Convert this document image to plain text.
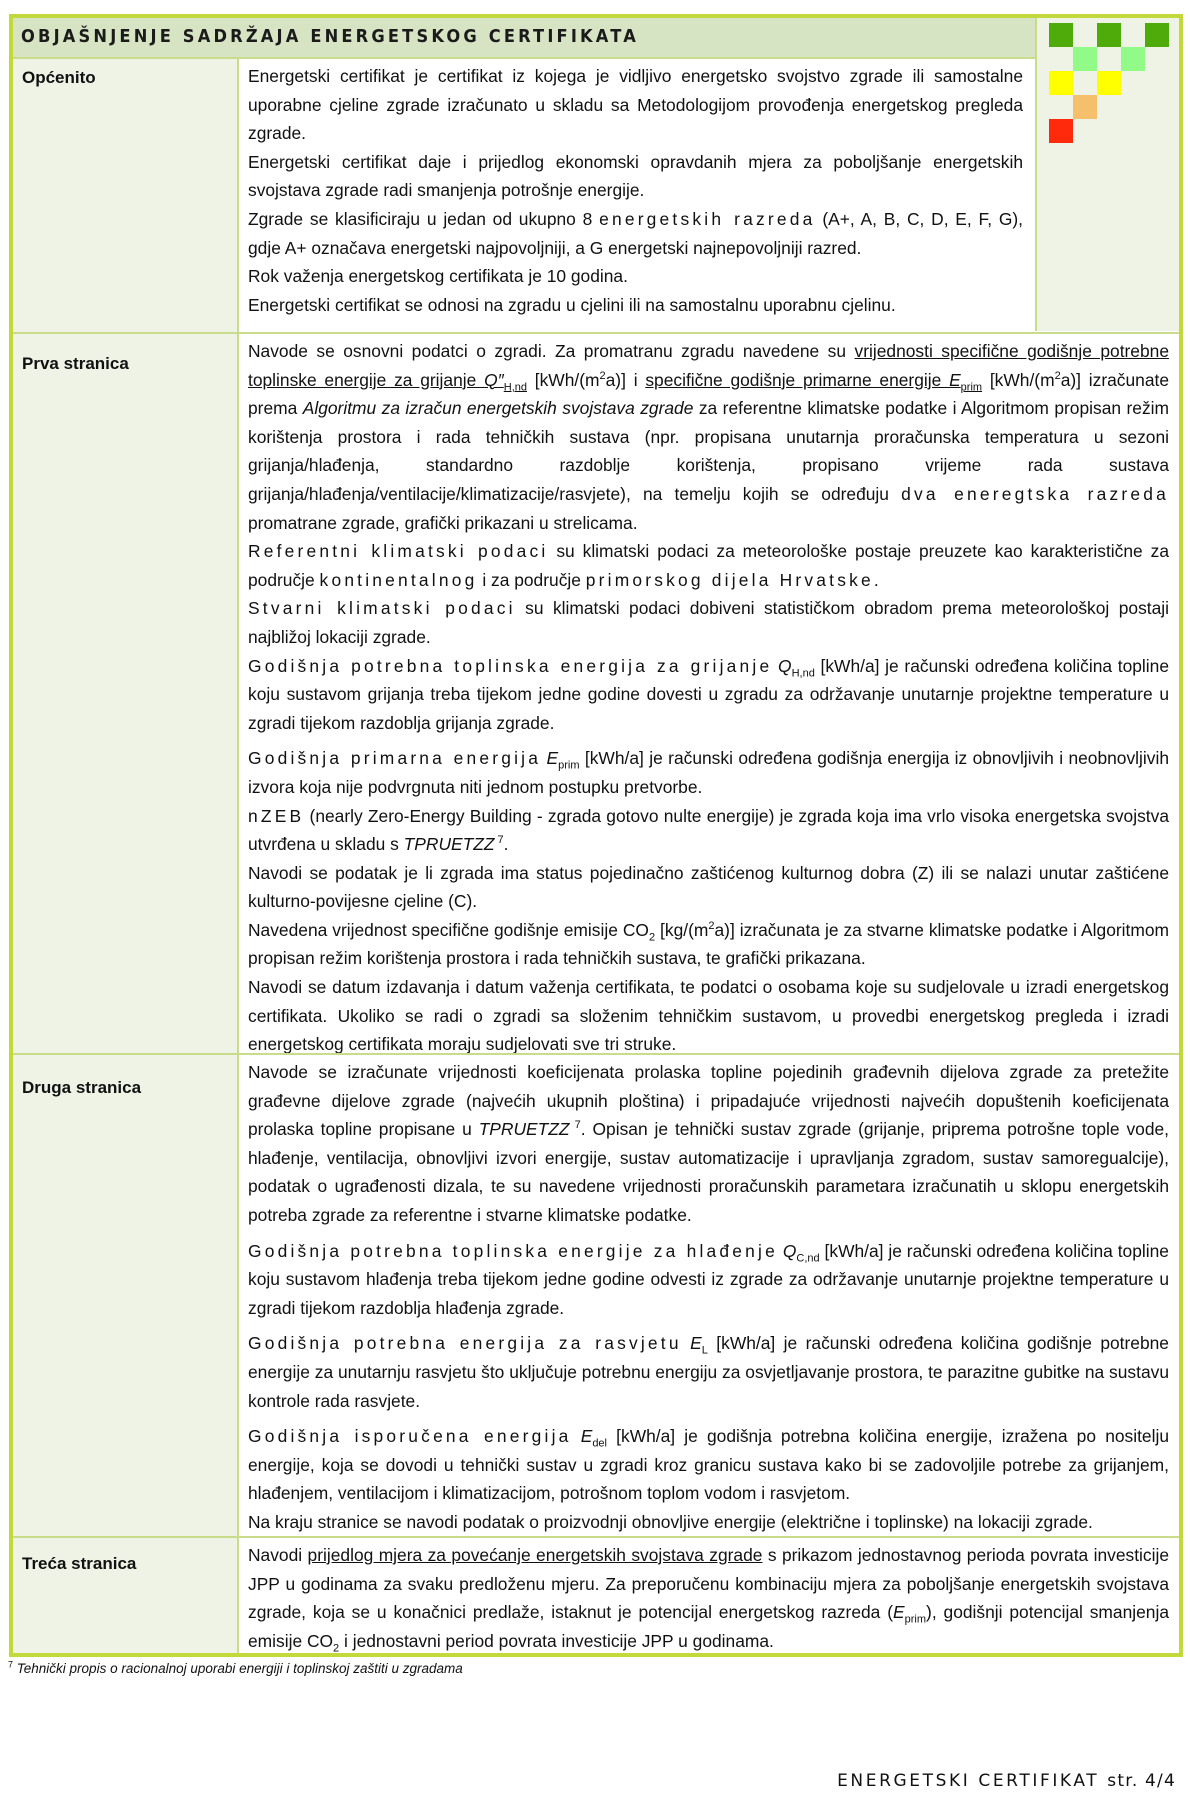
OBJAŠNJENJE SADRŽAJA ENERGETSKOG CERTIFIKATA
Općenito	Energetski certifikat je certifikat iz kojega je vidljivo energetsko svojstvo zgrade ili samostalne uporabne cjeline zgrade izračunato u skladu sa Metodologijom provođenja energetskog pregleda zgrade.

Energetski certifikat daje i prijedlog ekonomski opravdanih mjera za poboljšanje energetskih svojstava zgrade radi smanjenja potrošnje energije.

Zgrade se klasificiraju u jedan od ukupno 8 energetskih razreda (A+, A, B, C, D, E, F, G), gdje A+ označava energetski najpovoljniji, a G energetski najnepovoljniji razred.

Rok važenja energetskog certifikata je 10 godina.

Energetski certifikat se odnosi na zgradu u cjelini ili na samostalnu uporabnu cjelinu.

Prva stranica

Navode se osnovni podatci o zgradi. Za promatranu zgradu navedene su vrijednosti specifične godišnje potrebne toplinske energije za grijanje $Q''_{H,nd}$ $[kWh/(m^2a)]$ i specifične godišnje primarne energije $E_{prim}$ $[kWh/(m^2a)]$ izračunate prema Algoritmu za izračun energetskih svojstava zgrade za referentne klimatske podatke i Algoritmom propisan režim korištenja prostora i rada tehničkih sustava (npr. propisana unutarnja proračunska temperatura u sezoni grijanja/hlađenja, standardno razdoblje korištenja, propisano vrijeme rada sustava grijanja/hlađenja/ventilacije/klimatizacije/rasvjete), na temelju kojih se određuju dva eneregtska razreda promatrane zgrade, grafički prikazani u strelicama.

Referentni klimatski podaci su klimatski podaci za meteorološke postaje preuzete kao karakteristične za područje kontinentalnog i za područje primorskog dijela Hrvatske.

Stvarni klimatski podaci su klimatski podaci dobiveni statističkom obradom prema meteorološkoj postaji najbližoj lokaciji zgrade.

Godišnja potrebna toplinska energija za grijanje $Q_{H,nd}$ [kWh/a] je računski određena količina topline koju sustavom grijanja treba tijekom jedne godine dovesti u zgradu za održavanje unutarnje projektne temperature u zgradi tijekom razdoblja grijanja zgrade.

Godišnja primarna energija $E_{prim}$ [kWh/a] je računski određena godišnja energija iz obnovljivih i neobnovljivih izvora koja nije podvrgnuta niti jednom postupku pretvorbe.

nZEB (nearly Zero-Energy Building - zgrada gotovo nulte energije) je zgrada koja ima vrlo visoka energetska svojstva utvrđena u skladu s TPRUETZZ $^7$.

Navodi se podatak je li zgrada ima status pojedinačno zaštićenog kulturnog dobra (Z) ili se nalazi unutar zaštićene kulturno-povijesne cjeline (C).

Navedena vrijednost specifične godišnje emisije $CO_2$ $[kg/(m^2a)]$ izračunata je za stvarne klimatske podatke i Algoritmom propisan režim korištenja prostora i rada tehničkih sustava, te grafički prikazana.

Navodi se datum izdavanja i datum važenja certifikata, te podatci o osobama koje su sudjelovale u izradi energetskog certifikata. Ukoliko se radi o zgradi sa složenim tehničkim sustavom, u provedbi energetskog pregleda i izradi energetskog certifikata moraju sudjelovati sve tri struke.

Druga stranica

Navode se izračunate vrijednosti koeficijenata prolaska topline pojedinih građevnih dijelova zgrade za pretežite građevne dijelove zgrade (najvećih ukupnih ploština) i pripadajuće vrijednosti najvećih dopuštenih koeficijenata prolaska topline propisane u TPRUETZZ $^7$. Opisan je tehnički sustav zgrade (grijanje, priprema potrošne tople vode, hlađenje, ventilacija, obnovljivi izvori energije, sustav automatizacije i upravljanja zgradom, sustav samoregualcije), podatak o ugrađenosti dizala, te su navedene vrijednosti proračunskih parametara izračunatih u sklopu energetskih potreba zgrade za referentne i stvarne klimatske podatke.

Godišnja potrebna toplinska energije za hlađenje $Q_{C,nd}$ [kWh/a] je računski određena količina topline koju sustavom hlađenja treba tijekom jedne godine odvesti iz zgrade za održavanje unutarnje projektne temperature u zgradi tijekom razdoblja hlađenja zgrade.

Godišnja potrebna energija za rasvjetu $E_L$ [kWh/a] je računski određena količina godišnje potrebne energije za unutarnju rasvjetu što uključuje potrebnu energiju za osvjetljavanje prostora, te parazitne gubitke na sustavu kontrole rada rasvjete.

Godišnja isporučena energija $E_{del}$ [kWh/a] je godišnja potrebna količina energije, izražena po nositelju energije, koja se dovodi u tehnički sustav u zgradi kroz granicu sustava kako bi se zadovoljile potrebe za grijanjem, hlađenjem, ventilacijom i klimatizacijom, potrošnom toplom vodom i rasvjetom.

Na kraju stranice se navodi podatak o proizvodnji obnovljive energije (električne i toplinske) na lokaciji zgrade.

Treća stranica	Navodi prijedlog mjera za povećanje energetskih svojstava zgrade s prikazom jednostavnog perioda povrata investicije JPP u godinama za svaku predloženu mjeru. Za preporučenu kombinaciju mjera za poboljšanje energetskih svojstava zgrade, koja se u konačnici predlaže, istaknut je potencijal energetskog razreda $(E_{prim})$, godišnji potencijal smanjenja emisije $CO_2$ i jednostavni period povrata investicije JPP u godinama.

$^7$ Tehnički propis o racionalnoj uporabi energiji i toplinskoj zaštiti u zgradama
ENERGETSKI CERTIFIKAT str. 4/4
